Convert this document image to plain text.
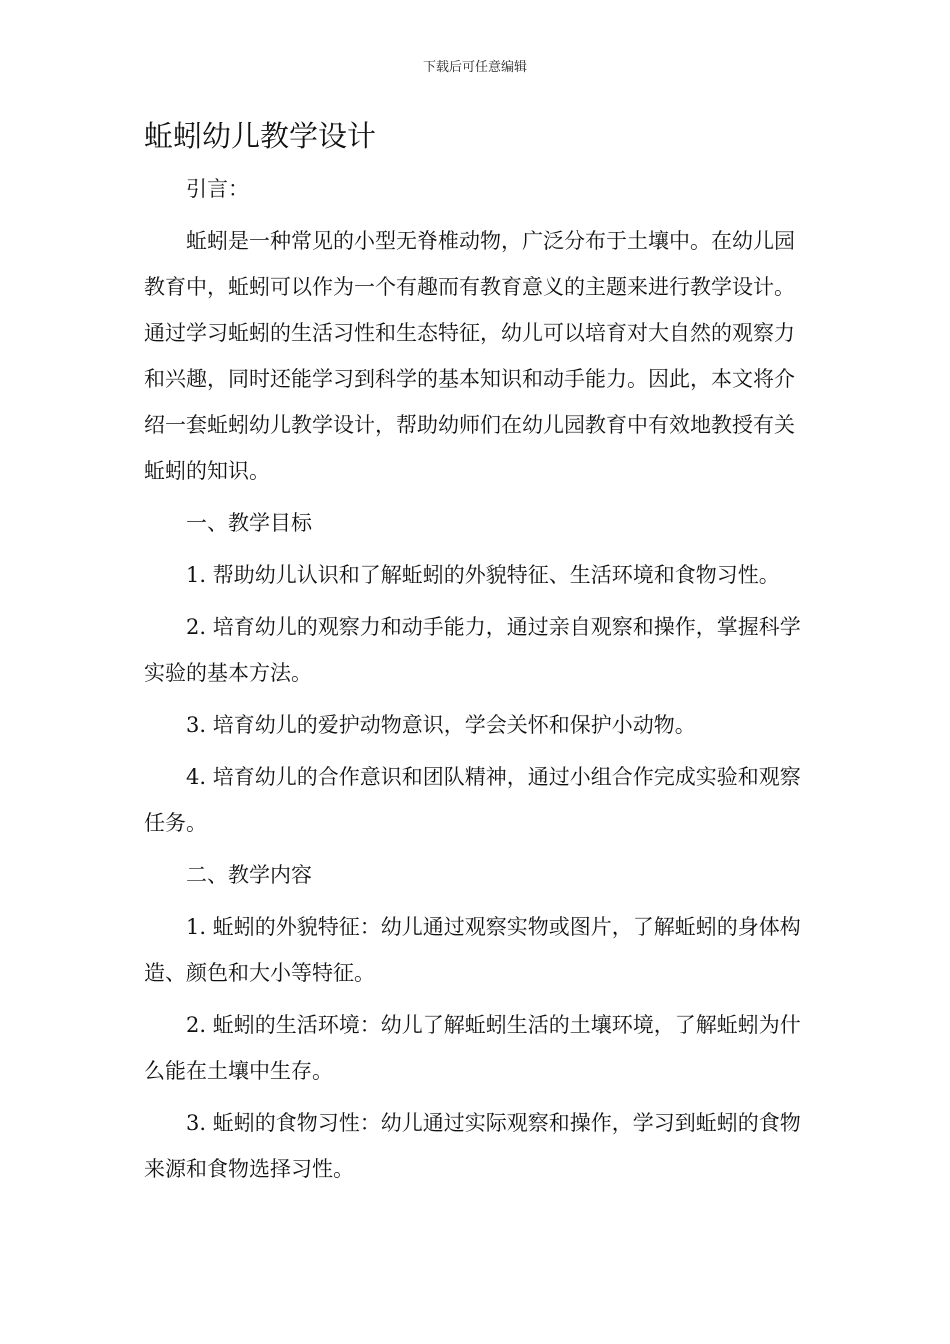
下载后可任意编辑
蚯蚓幼儿教学设计

引言：

蚯蚓是一种常见的小型无脊椎动物，广泛分布于土壤中。在幼儿园教育中，蚯蚓可以作为一个有趣而有教育意义的主题来进行教学设计。通过学习蚯蚓的生活习性和生态特征，幼儿可以培育对大自然的观察力和兴趣，同时还能学习到科学的基本知识和动手能力。因此，本文将介绍一套蚯蚓幼儿教学设计，帮助幼师们在幼儿园教育中有效地教授有关蚯蚓的知识。

一、教学目标

1. 帮助幼儿认识和了解蚯蚓的外貌特征、生活环境和食物习性。

2. 培育幼儿的观察力和动手能力，通过亲自观察和操作，掌握科学实验的基本方法。

3. 培育幼儿的爱护动物意识，学会关怀和保护小动物。

4. 培育幼儿的合作意识和团队精神，通过小组合作完成实验和观察任务。

二、教学内容

1. 蚯蚓的外貌特征：幼儿通过观察实物或图片，了解蚯蚓的身体构造、颜色和大小等特征。

2. 蚯蚓的生活环境：幼儿了解蚯蚓生活的土壤环境，了解蚯蚓为什么能在土壤中生存。

3. 蚯蚓的食物习性：幼儿通过实际观察和操作，学习到蚯蚓的食物来源和食物选择习性。
